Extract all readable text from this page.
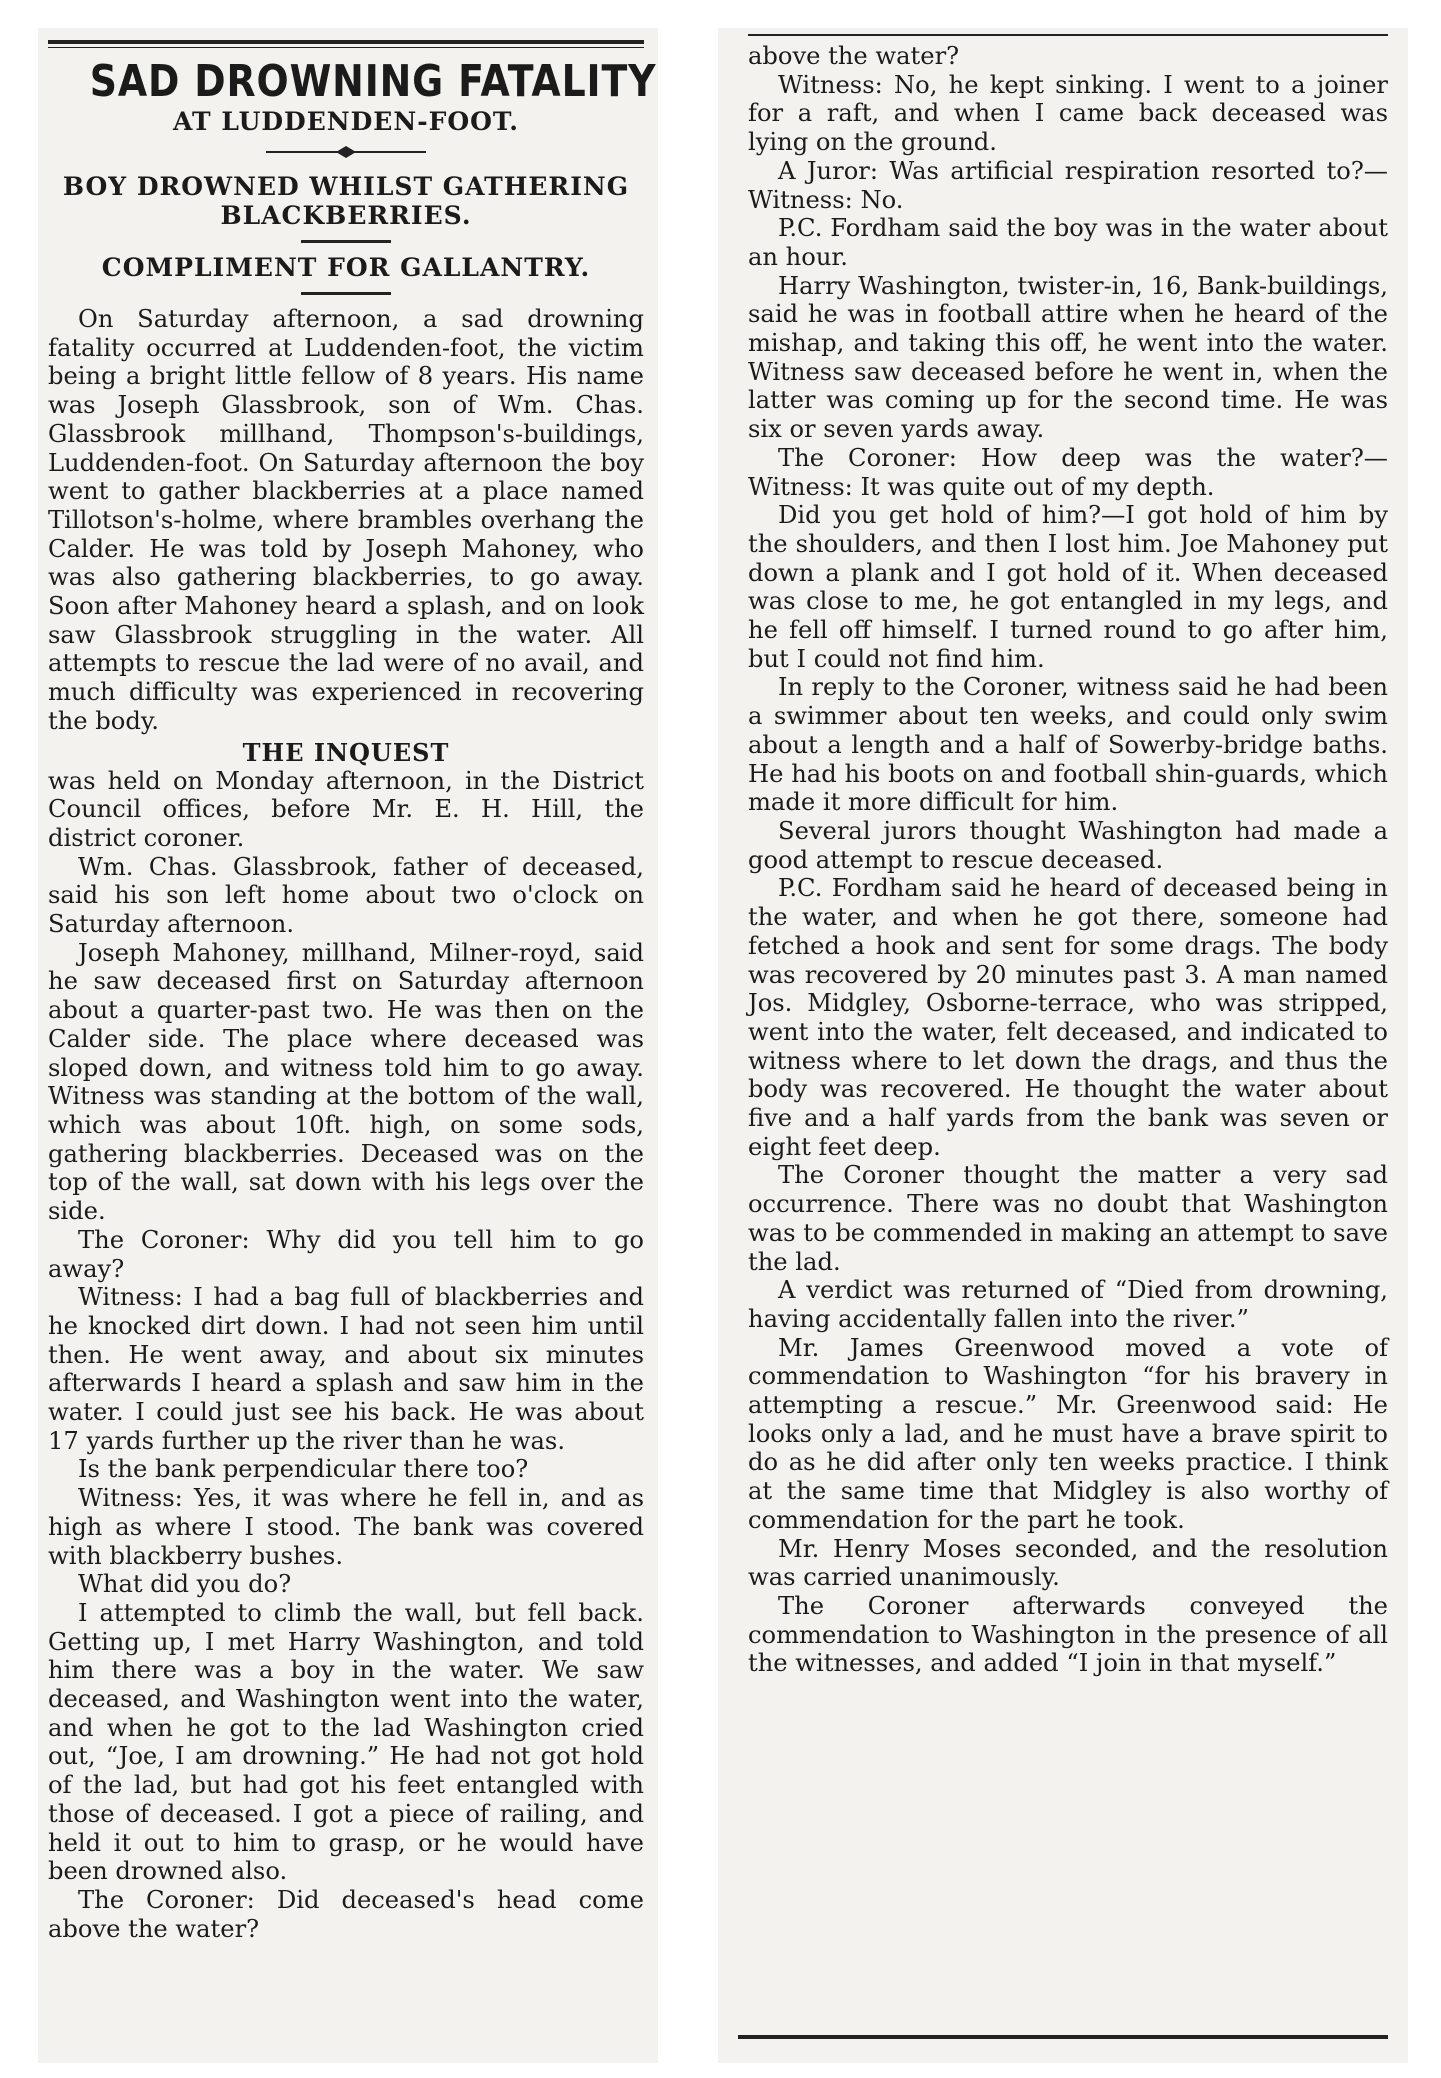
SAD DROWNING FATALITY
AT LUDDENDEN-FOOT.
BOY DROWNED WHILST GATHERING
BLACKBERRIES.
COMPLIMENT FOR GALLANTRY.

On Saturday afternoon, a sad drowning fatality occurred at Luddenden-foot, the victim being a bright little fellow of 8 years. His name was Joseph Glassbrook, son of Wm. Chas. Glassbrook millhand, Thompson's-buildings, Luddenden-foot. On Saturday afternoon the boy went to gather blackberries at a place named Tillotson's-holme, where brambles overhang the Calder. He was told by Joseph Mahoney, who was also gathering blackberries, to go away. Soon after Mahoney heard a splash, and on look saw Glassbrook struggling in the water. All attempts to rescue the lad were of no avail, and much difficulty was experienced in recovering the body.

THE INQUEST

was held on Monday afternoon, in the District Council offices, before Mr. E. H. Hill, the district coroner.

Wm. Chas. Glassbrook, father of deceased, said his son left home about two o'clock on Saturday afternoon.

Joseph Mahoney, millhand, Milner-royd, said he saw deceased first on Saturday afternoon about a quarter-past two. He was then on the Calder side. The place where deceased was sloped down, and witness told him to go away. Witness was standing at the bottom of the wall, which was about 10ft. high, on some sods, gathering blackberries. Deceased was on the top of the wall, sat down with his legs over the side.

The Coroner: Why did you tell him to go away?

Witness: I had a bag full of blackberries and he knocked dirt down. I had not seen him until then. He went away, and about six minutes afterwards I heard a splash and saw him in the water. I could just see his back. He was about 17 yards further up the river than he was.

Is the bank perpendicular there too?

Witness: Yes, it was where he fell in, and as high as where I stood. The bank was covered with blackberry bushes.

What did you do?

I attempted to climb the wall, but fell back. Getting up, I met Harry Washington, and told him there was a boy in the water. We saw deceased, and Washington went into the water, and when he got to the lad Washington cried out, “Joe, I am drowning.” He had not got hold of the lad, but had got his feet entangled with those of deceased. I got a piece of railing, and held it out to him to grasp, or he would have been drowned also.

The Coroner: Did deceased's head come above the water?

above the water?

Witness: No, he kept sinking. I went to a joiner for a raft, and when I came back deceased was lying on the ground.

A Juror: Was artificial respiration resorted to?—Witness: No.

P.C. Fordham said the boy was in the water about an hour.

Harry Washington, twister-in, 16, Bank-buildings, said he was in football attire when he heard of the mishap, and taking this off, he went into the water. Witness saw deceased before he went in, when the latter was coming up for the second time. He was six or seven yards away.

The Coroner: How deep was the water?—Witness: It was quite out of my depth.

Did you get hold of him?—I got hold of him by the shoulders, and then I lost him. Joe Mahoney put down a plank and I got hold of it. When deceased was close to me, he got entangled in my legs, and he fell off himself. I turned round to go after him, but I could not find him.

In reply to the Coroner, witness said he had been a swimmer about ten weeks, and could only swim about a length and a half of Sowerby-bridge baths. He had his boots on and football shin-guards, which made it more difficult for him.

Several jurors thought Washington had made a good attempt to rescue deceased.

P.C. Fordham said he heard of deceased being in the water, and when he got there, someone had fetched a hook and sent for some drags. The body was recovered by 20 minutes past 3. A man named Jos. Midgley, Osborne-terrace, who was stripped, went into the water, felt deceased, and indicated to witness where to let down the drags, and thus the body was recovered. He thought the water about five and a half yards from the bank was seven or eight feet deep.

The Coroner thought the matter a very sad occurrence. There was no doubt that Washington was to be commended in making an attempt to save the lad.

A verdict was returned of “Died from drowning, having accidentally fallen into the river.”

Mr. James Greenwood moved a vote of commendation to Washington “for his bravery in attempting a rescue.” Mr. Greenwood said: He looks only a lad, and he must have a brave spirit to do as he did after only ten weeks practice. I think at the same time that Midgley is also worthy of commendation for the part he took.

Mr. Henry Moses seconded, and the resolution was carried unanimously.

The Coroner afterwards conveyed the commendation to Washington in the presence of all the witnesses, and added “I join in that myself.”
